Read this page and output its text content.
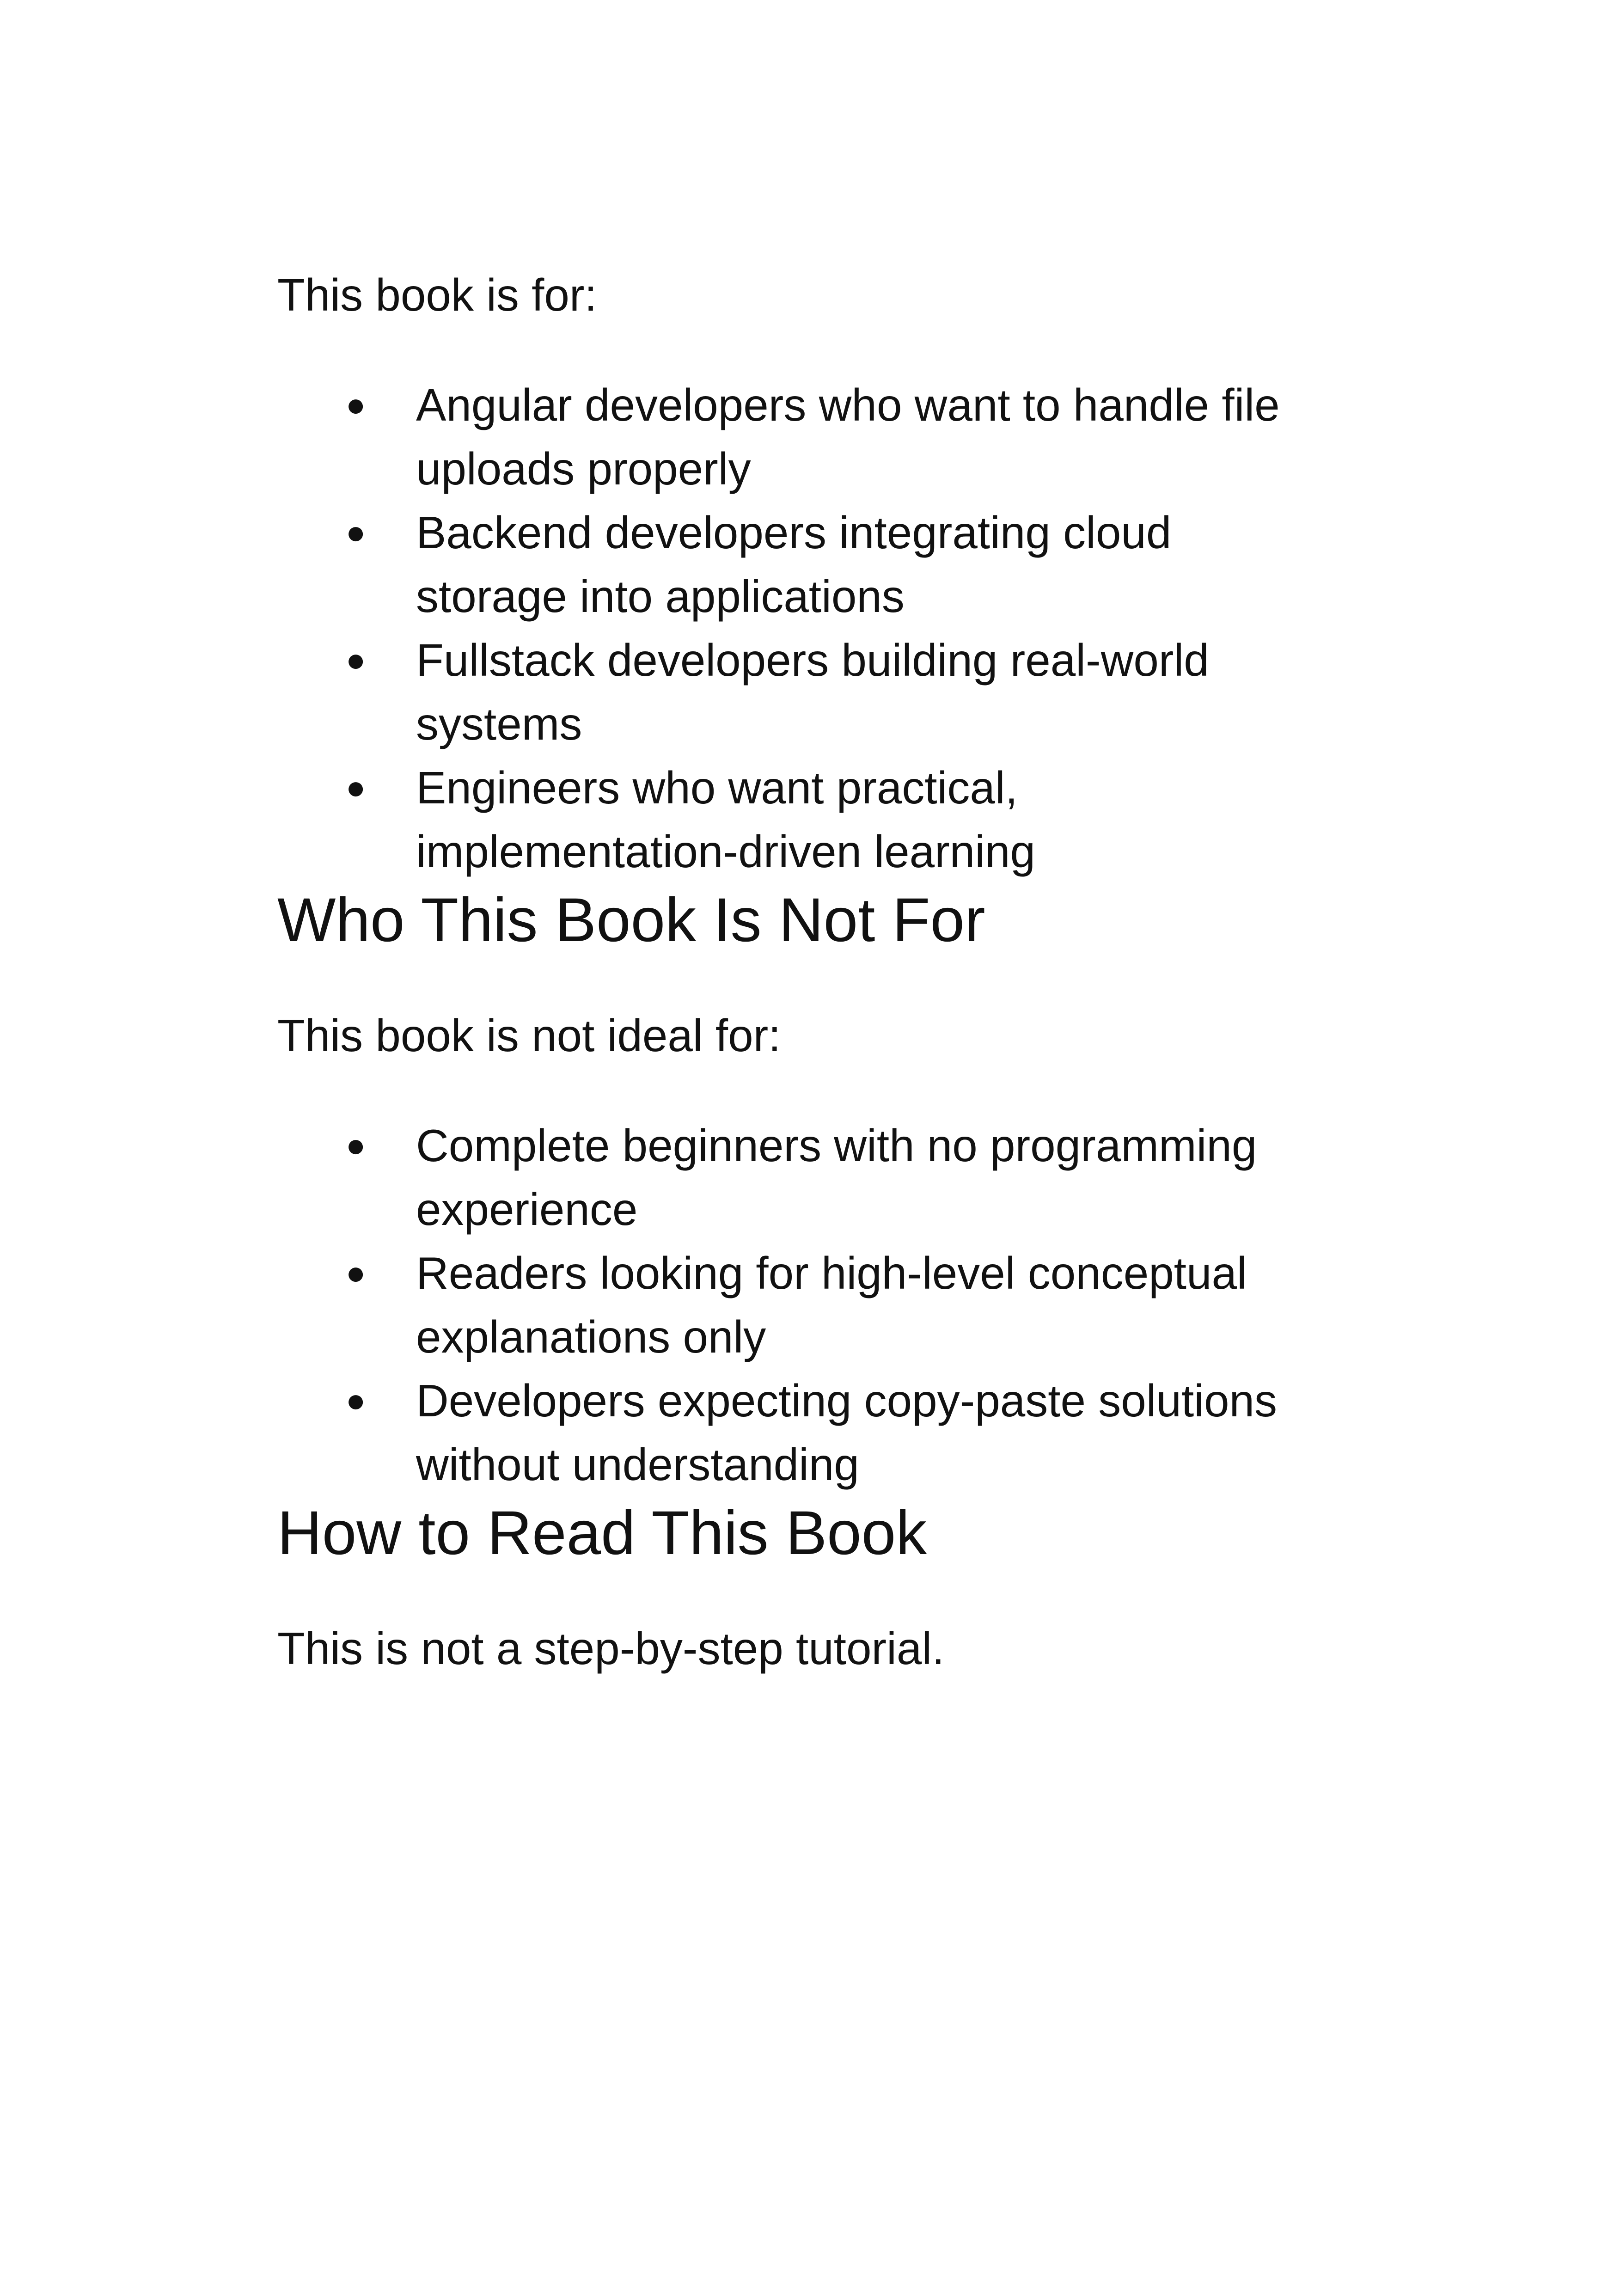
This book is for:

● Angular developers who want to handle file uploads properly
● Backend developers integrating cloud storage into applications
● Fullstack developers building real-world systems
● Engineers who want practical, implementation-driven learning
Who This Book Is Not For

This book is not ideal for:

● Complete beginners with no programming experience
● Readers looking for high-level conceptual explanations only
● Developers expecting copy-paste solutions without understanding
How to Read This Book

This is not a step-by-step tutorial.
